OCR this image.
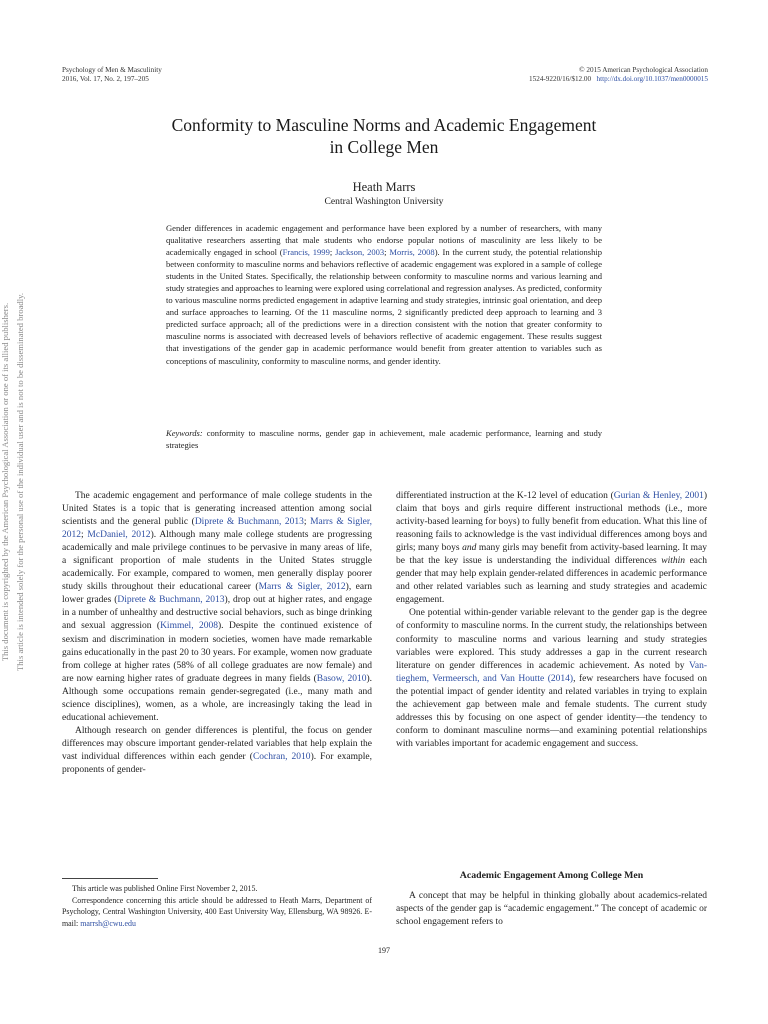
Psychology of Men & Masculinity
2016, Vol. 17, No. 2, 197–205
© 2015 American Psychological Association
1524-9220/16/$12.00 http://dx.doi.org/10.1037/men0000015
Conformity to Masculine Norms and Academic Engagement
in College Men
Heath Marrs
Central Washington University

Gender differences in academic engagement and performance have been explored by a number of researchers, with many qualitative researchers asserting that male students who endorse popular notions of masculinity are less likely to be academically engaged in school (Francis, 1999; Jackson, 2003; Morris, 2008). In the current study, the potential relationship between conformity to masculine norms and behaviors reflective of academic engagement was explored in a sample of college students in the United States. Specifically, the relationship between conformity to masculine norms and various learning and study strategies and approaches to learning were explored using correlational and regression analyses. As predicted, conformity to various masculine norms predicted engagement in adaptive learning and study strategies, intrinsic goal orientation, and deep and surface approaches to learning. Of the 11 masculine norms, 2 significantly predicted deep approach to learning and 3 predicted surface approach; all of the predictions were in a direction consistent with the notion that greater conformity to masculine norms is associated with decreased levels of behaviors reflective of academic engagement. These results suggest that investigations of the gender gap in academic performance would benefit from greater attention to variables such as conceptions of masculinity, conformity to masculine norms, and gender identity.

Keywords: conformity to masculine norms, gender gap in achievement, male academic performance, learning and study strategies

The academic engagement and performance of male college students in the United States is a topic that is generating increased attention among social scientists and the general public (Diprete & Buchmann, 2013; Marrs & Sigler, 2012; McDaniel, 2012). Although many male college students are progressing academically and male privilege continues to be pervasive in many areas of life, a significant proportion of male students in the United States struggle academically. For example, compared to women, men generally display poorer study skills throughout their educational career (Marrs & Sigler, 2012), earn lower grades (Diprete & Buchmann, 2013), drop out at higher rates, and engage in a number of unhealthy and destructive social behaviors, such as binge drinking and sexual aggression (Kimmel, 2008). Despite the continued existence of sexism and discrimination in modern societies, women have made remarkable gains educationally in the past 20 to 30 years. For example, women now graduate from college at higher rates (58% of all college graduates are now female) and are now earning higher rates of graduate degrees in many fields (Basow, 2010). Although some occupations remain gender-segregated (i.e., many math and science disciplines), women, as a whole, are increasingly taking the lead in educational achievement.

Although research on gender differences is plentiful, the focus on gender differences may obscure important gender-related variables that help explain the vast individual differences within each gender (Cochran, 2010). For example, proponents of gender-

This article was published Online First November 2, 2015.

Correspondence concerning this article should be addressed to Heath Marrs, Department of Psychology, Central Washington University, 400 East University Way, Ellensburg, WA 98926. E-mail: marrsh@cwu.edu

differentiated instruction at the K-12 level of education (Gurian & Henley, 2001) claim that boys and girls require different instructional methods (i.e., more activity-based learning for boys) to fully benefit from education. What this line of reasoning fails to acknowledge is the vast individual differences among boys and girls; many boys and many girls may benefit from activity-based learning. It may be that the key issue is understanding the individual differences within each gender that may help explain gender-related differences in academic performance and other related variables such as learning and study strategies and academic engagement.

One potential within-gender variable relevant to the gender gap is the degree of conformity to masculine norms. In the current study, the relationships between conformity to masculine norms and various learning and study strategies variables were explored. This study addresses a gap in the current research literature on gender differences in academic achievement. As noted by Van-tieghem, Vermeersch, and Van Houtte (2014), few researchers have focused on the potential impact of gender identity and related variables in trying to explain the achievement gap between male and female students. The current study addresses this by focusing on one aspect of gender identity—the tendency to conform to dominant masculine norms—and examining potential relationships with variables important for academic engagement and success.

Academic Engagement Among College Men

A concept that may be helpful in thinking globally about academics-related aspects of the gender gap is “academic engagement.” The concept of academic or school engagement refers to

197
This document is copyrighted by the American Psychological Association or one of its allied publishers. This article is intended solely for the personal use of the individual user and is not to be disseminated broadly.
